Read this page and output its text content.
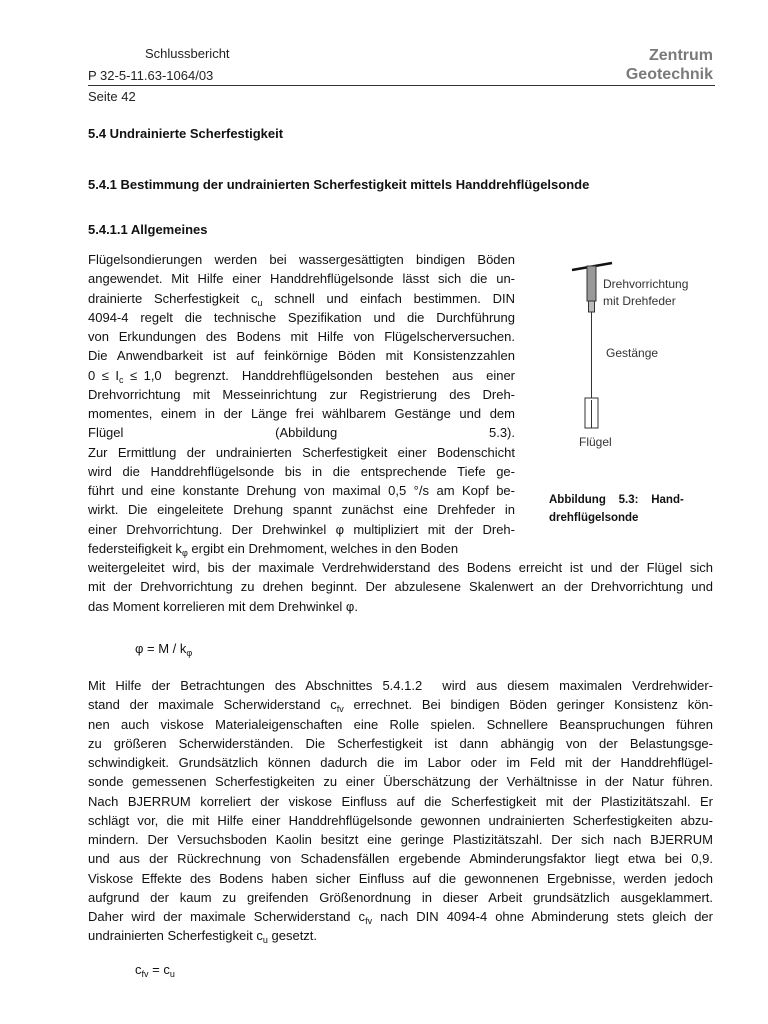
Schlussbericht
P 32-5-11.63-1064/03
Seite 42
Zentrum
Geotechnik
5.4 Undrainierte Scherfestigkeit
5.4.1 Bestimmung der undrainierten Scherfestigkeit mittels Handdrehflügelsonde
5.4.1.1 Allgemeines
Flügelsondierungen werden bei wassergesättigten bindigen Böden
angewendet. Mit Hilfe einer Handdrehflügelsonde lässt sich die un-
drainierte Scherfestigkeit $c_u$ schnell und einfach bestimmen. DIN
4094-4 regelt die technische Spezifikation und die Durchführung
von Erkundungen des Bodens mit Hilfe von Flügelscherversuchen.
Die Anwendbarkeit ist auf feinkörnige Böden mit Konsistenzzahlen
$0 \le I_c \le 1,0$  begrenzt.  Handdrehflügelsonden  bestehen  aus  einer
Drehvorrichtung mit Messeinrichtung zur Registrierung des Dreh-
momentes, einem in der Länge frei wählbarem Gestänge und dem
Flügel (Abbildung 5.3).
Zur Ermittlung der undrainierten Scherfestigkeit einer Bodenschicht
wird die Handdrehflügelsonde bis in die entsprechende Tiefe ge-
führt und eine konstante Drehung von maximal 0,5 °/s am Kopf be-
wirkt. Die eingeleitete Drehung spannt zunächst eine Drehfeder in
einer Drehvorrichtung. Der Drehwinkel φ multipliziert mit der Dreh-
federsteifigkeit $k_\varphi$ ergibt ein Drehmoment, welches in den Boden
weitergeleitet wird, bis der maximale Verdrehwiderstand des Bodens erreicht ist und der Flügel sich
mit der Drehvorrichtung zu drehen beginnt. Der abzulesene Skalenwert an der Drehvorrichtung und
das Moment korrelieren mit dem Drehwinkel φ.
Mit Hilfe der Betrachtungen des Abschnittes 5.4.1.2  wird aus diesem maximalen Verdrehwider-
stand der maximale Scherwiderstand $c_{fv}$ errechnet. Bei bindigen Böden geringer Konsistenz kön-
nen auch viskose Materialeigenschaften eine Rolle spielen. Schnellere Beanspruchungen führen
zu größeren Scherwiderständen. Die Scherfestigkeit ist dann abhängig von der Belastungsge-
schwindigkeit. Grundsätzlich können dadurch die im Labor oder im Feld mit der Handdrehflügel-
sonde gemessenen Scherfestigkeiten zu einer Überschätzung der Verhältnisse in der Natur führen.
Nach BJERRUM korreliert der viskose Einfluss auf die Scherfestigkeit mit der Plastizitätszahl. Er
schlägt vor, die mit Hilfe einer Handdrehflügelsonde gewonnen undrainierten Scherfestigkeiten abzu-
mindern. Der Versuchsboden Kaolin besitzt eine geringe Plastizitätszahl. Der sich nach BJERRUM
und aus der Rückrechnung von Schadensfällen ergebende Abminderungsfaktor liegt etwa bei 0,9.
Viskose Effekte des Bodens haben sicher Einfluss auf die gewonnenen Ergebnisse, werden jedoch
aufgrund der kaum zu greifenden Größenordnung in dieser Arbeit grundsätzlich ausgeklammert.
Daher wird der maximale Scherwiderstand $c_{fv}$ nach DIN 4094-4 ohne Abminderung stets gleich der
undrainierten Scherfestigkeit $c_u$ gesetzt.
Drehvorrichtung
mit Drehfeder
Gestänge
Flügel
Abbildung    5.3:    Hand-
drehflügelsonde
$\varphi = M / k_\varphi$
$c_{fv} = c_u$
